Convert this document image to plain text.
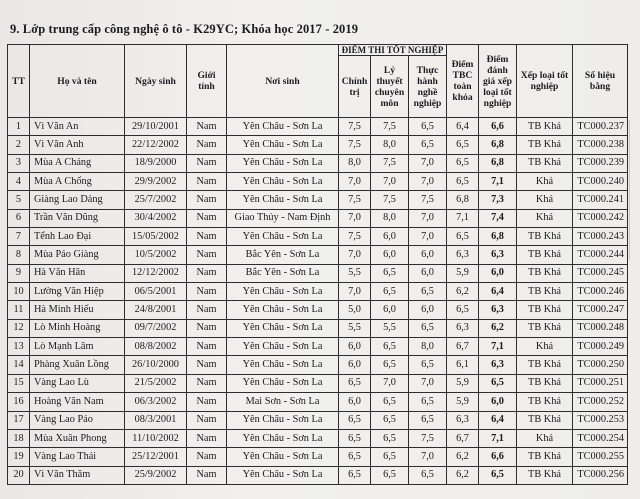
9. Lớp trung cấp công nghệ ô tô - K29YC; Khóa học 2017 - 2019
TT	Họ và tên	Ngày sinh	Giới tính	Nơi sinh	ĐIỂM THI TỐT NGHIỆP			Điểm TBC toàn khóa	Điểm đánh giá xếp loại tốt nghiệp	Xếp loại tốt nghiệp	Số hiệu bằng
					Chính trị	Lý thuyết chuyên môn	Thực hành nghề nghiệp				
1	Vì Văn An	29/10/2001	Nam	Yên Châu - Sơn La	7,5	7,5	6,5	6,4	6,6	TB Khá	TC000.237
2	Vì Văn Anh	22/12/2002	Nam	Yên Châu - Sơn La	7,5	8,0	6,5	6,5	6,8	TB Khá	TC000.238
3	Mùa A Chảng	18/9/2000	Nam	Yên Châu - Sơn La	8,0	7,5	7,0	6,5	6,8	TB Khá	TC000.239
4	Mùa A Chống	29/9/2002	Nam	Yên Châu - Sơn La	7,0	7,0	7,0	6,5	7,1	Khá	TC000.240
5	Giàng Lao Dảng	25/7/2002	Nam	Yên Châu - Sơn La	7,5	7,5	7,5	6,8	7,3	Khá	TC000.241
6	Trần Văn Dũng	30/4/2002	Nam	Giao Thủy - Nam Định	7,0	8,0	7,0	7,1	7,4	Khá	TC000.242
7	Tểnh Lao Đại	15/05/2002	Nam	Yên Châu - Sơn La	7,5	6,0	7,0	6,5	6,8	TB Khá	TC000.243
8	Mùa Páo Giàng	10/5/2002	Nam	Bắc Yên - Sơn La	7,0	6,0	6,0	6,3	6,3	TB Khá	TC000.244
9	Hà Văn Hân	12/12/2002	Nam	Bắc Yên - Sơn La	5,5	6,5	6,0	5,9	6,0	TB Khá	TC000.245
10	Lường Văn Hiệp	06/5/2001	Nam	Yên Châu - Sơn La	7,0	6,5	6,5	6,2	6,4	TB Khá	TC000.246
11	Hà Minh Hiếu	24/8/2001	Nam	Yên Châu - Sơn La	5,0	6,0	6,0	6,5	6,3	TB Khá	TC000.247
12	Lò Minh Hoàng	09/7/2002	Nam	Yên Châu - Sơn La	5,5	5,5	6,5	6,3	6,2	TB Khá	TC000.248
13	Lò Mạnh Lâm	08/8/2002	Nam	Yên Châu - Sơn La	6,0	6,5	8,0	6,7	7,1	Khá	TC000.249
14	Phàng Xuân Lồng	26/10/2000	Nam	Yên Châu - Sơn La	6,0	6,5	6,5	6,1	6,3	TB Khá	TC000.250
15	Vàng Lao Lù	21/5/2002	Nam	Yên Châu - Sơn La	6,5	7,0	7,0	5,9	6,5	TB Khá	TC000.251
16	Hoàng Văn Nam	06/3/2002	Nam	Mai Sơn - Sơn La	6,0	6,5	6,5	5,9	6,0	TB Khá	TC000.252
17	Vàng Lao Páo	08/3/2001	Nam	Yên Châu - Sơn La	6,5	6,5	6,5	6,3	6,4	TB Khá	TC000.253
18	Mùa Xuân Phong	11/10/2002	Nam	Yên Châu - Sơn La	6,5	6,5	7,5	6,7	7,1	Khá	TC000.254
19	Vàng Lao Thái	25/12/2001	Nam	Yên Châu - Sơn La	6,5	6,5	7,0	6,2	6,6	TB Khá	TC000.255
20	Vì Văn Thăm	25/9/2002	Nam	Yên Châu - Sơn La	6,5	6,5	6,5	6,2	6,5	TB Khá	TC000.256
